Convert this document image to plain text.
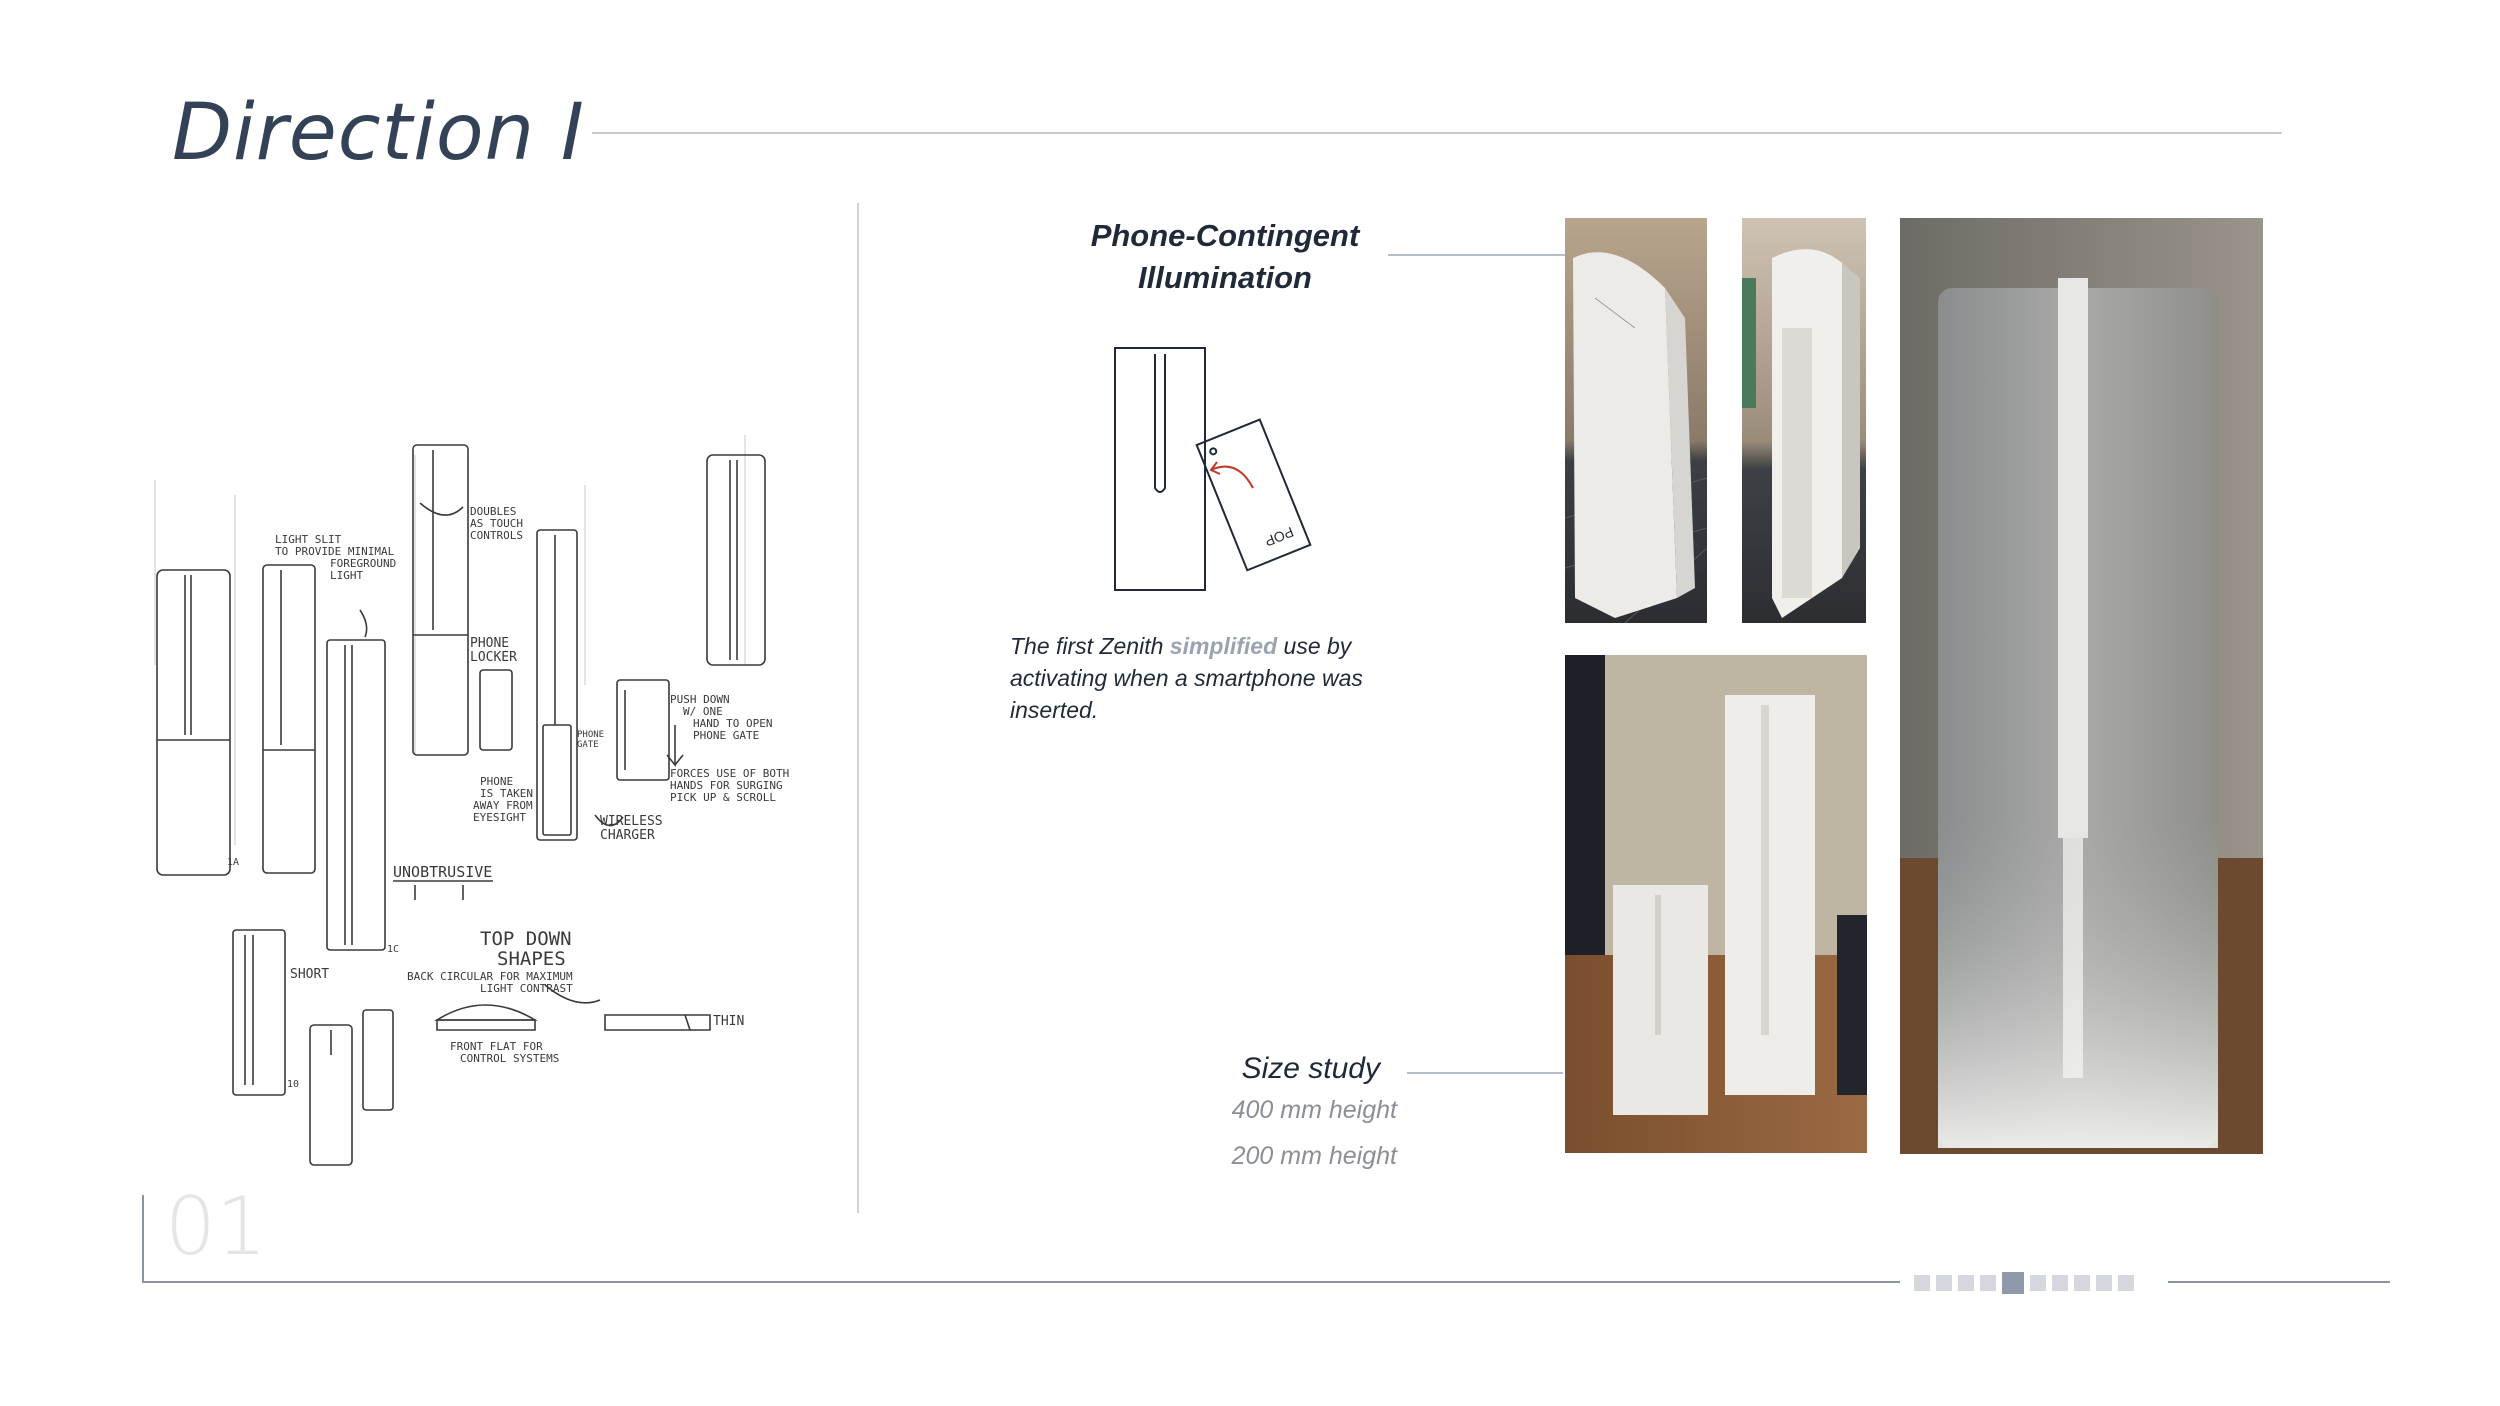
Direction I
LIGHT SLIT
TO PROVIDE MINIMAL
FOREGROUND
LIGHT
DOUBLES
AS TOUCH
CONTROLS
PHONE
LOCKER
PUSH DOWN
W/ ONE
HAND TO OPEN
PHONE GATE
PHONE
GATE
PHONE
IS TAKEN
AWAY FROM
EYESIGHT
FORCES USE OF BOTH
HANDS FOR SURGING
PICK UP & SCROLL
WIRELESS
CHARGER
UNOBTRUSIVE
TOP DOWN
SHAPES
BACK CIRCULAR FOR MAXIMUM
LIGHT CONTRAST
SHORT
FRONT FLAT FOR
CONTROL SYSTEMS
THIN
1A
1C
10
01
Phone-Contingent
Illumination
POP
The first Zenith simplified use by activating when a smartphone was inserted.
Size study
400 mm height
200 mm height
